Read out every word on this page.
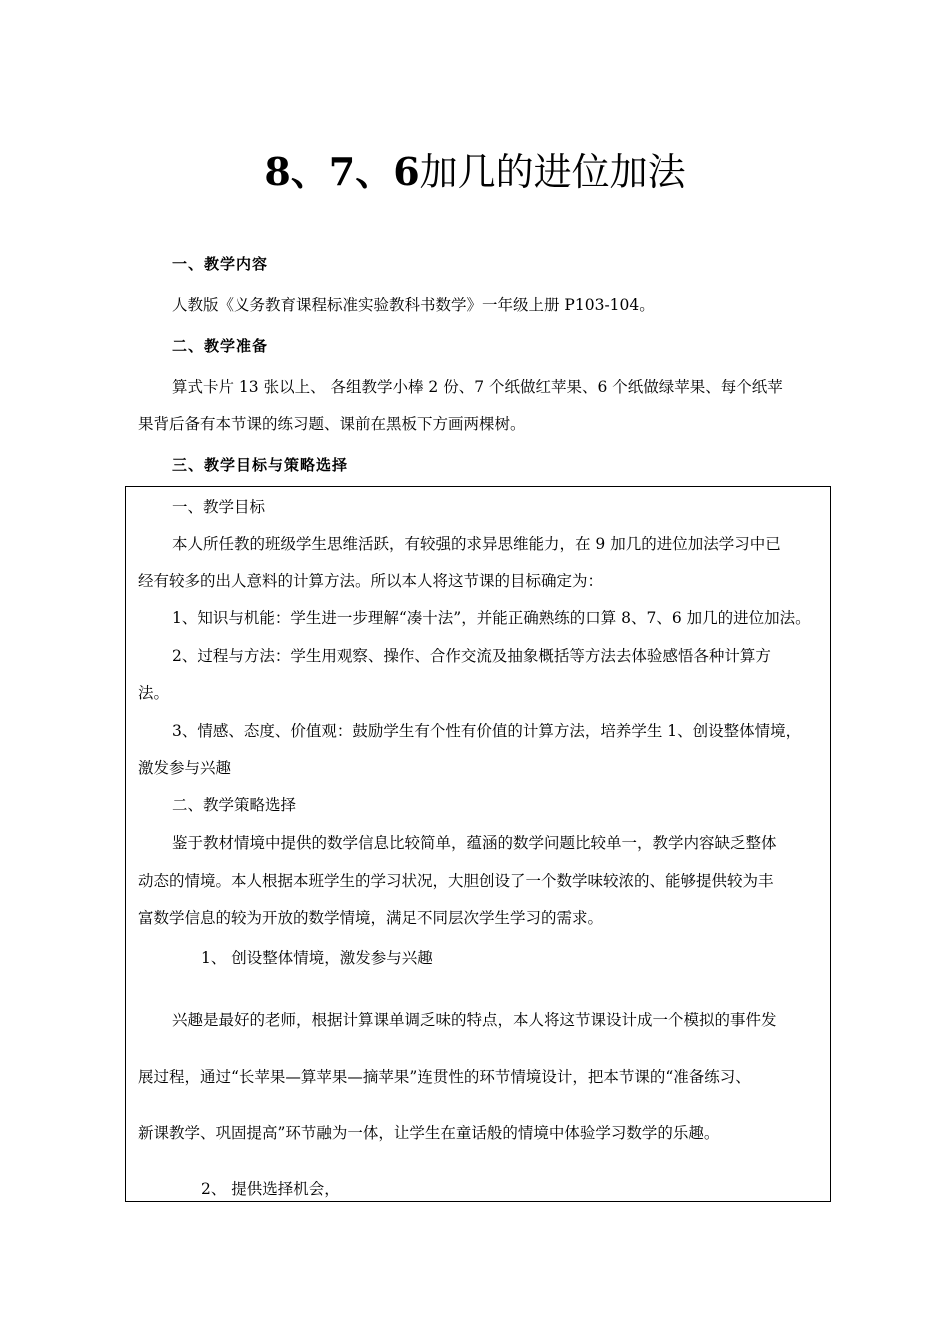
8、7、6加几的进位加法
一、教学内容
人教版《义务教育课程标准实验教科书数学》一年级上册 P103-104。
二、教学准备
算式卡片 13 张以上、 各组教学小棒 2 份、7 个纸做红苹果、6 个纸做绿苹果、每个纸苹
果背后备有本节课的练习题、课前在黑板下方画两棵树。
三、教学目标与策略选择
一、教学目标
本人所任教的班级学生思维活跃，有较强的求异思维能力，在 9 加几的进位加法学习中已
经有较多的出人意料的计算方法。所以本人将这节课的目标确定为：
1、知识与机能：学生进一步理解“凑十法”，并能正确熟练的口算 8、7、6 加几的进位加法。
2、过程与方法：学生用观察、操作、合作交流及抽象概括等方法去体验感悟各种计算方
法。
3、情感、态度、价值观：鼓励学生有个性有价值的计算方法，培养学生 1、创设整体情境，
激发参与兴趣
二、教学策略选择
鉴于教材情境中提供的数学信息比较简单，蕴涵的数学问题比较单一，教学内容缺乏整体
动态的情境。本人根据本班学生的学习状况，大胆创设了一个数学味较浓的、能够提供较为丰
富数学信息的较为开放的数学情境，满足不同层次学生学习的需求。
1、 创设整体情境，激发参与兴趣
兴趣是最好的老师，根据计算课单调乏味的特点，本人将这节课设计成一个模拟的事件发
展过程，通过“长苹果—算苹果—摘苹果”连贯性的环节情境设计，把本节课的“准备练习、
新课教学、巩固提高”环节融为一体，让学生在童话般的情境中体验学习数学的乐趣。
2、 提供选择机会，
